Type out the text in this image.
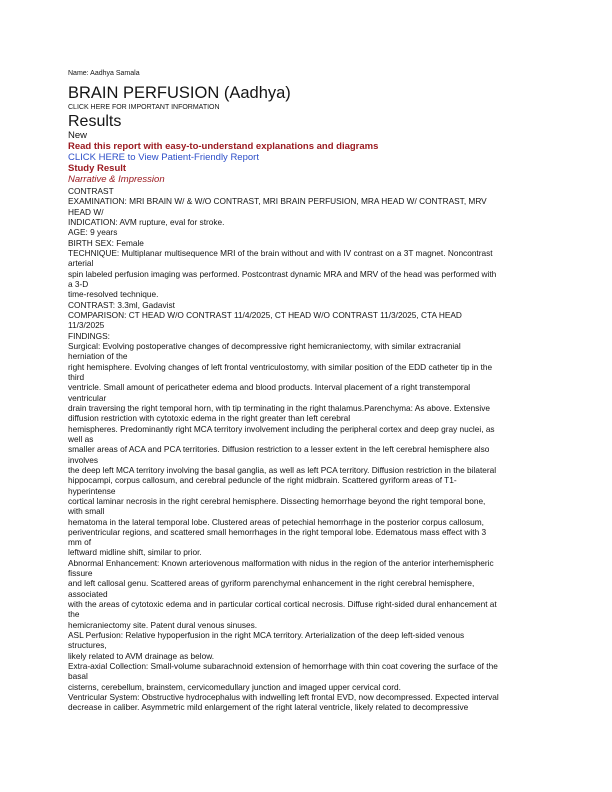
Name: Aadhya Samala
BRAIN PERFUSION (Aadhya)
CLICK HERE FOR IMPORTANT INFORMATION
Results
New
Read this report with easy-to-understand explanations and diagrams
CLICK HERE to View Patient-Friendly Report
Study Result
Narrative & Impression
CONTRAST
EXAMINATION: MRI BRAIN W/ & W/O CONTRAST, MRI BRAIN PERFUSION, MRA HEAD W/ CONTRAST, MRV
HEAD W/
INDICATION: AVM rupture, eval for stroke.
AGE: 9 years
BIRTH SEX: Female
TECHNIQUE: Multiplanar multisequence MRI of the brain without and with IV contrast on a 3T magnet. Noncontrast
arterial
spin labeled perfusion imaging was performed. Postcontrast dynamic MRA and MRV of the head was performed with
a 3-D
time-resolved technique.
CONTRAST: 3.3ml, Gadavist
COMPARISON: CT HEAD W/O CONTRAST 11/4/2025, CT HEAD W/O CONTRAST 11/3/2025, CTA HEAD
11/3/2025
FINDINGS:
Surgical: Evolving postoperative changes of decompressive right hemicraniectomy, with similar extracranial
herniation of the
right hemisphere. Evolving changes of left frontal ventriculostomy, with similar position of the EDD catheter tip in the
third
ventricle. Small amount of pericatheter edema and blood products. Interval placement of a right transtemporal
ventricular
drain traversing the right temporal horn, with tip terminating in the right thalamus.Parenchyma: As above. Extensive
diffusion restriction with cytotoxic edema in the right greater than left cerebral
hemispheres. Predominantly right MCA territory involvement including the peripheral cortex and deep gray nuclei, as
well as
smaller areas of ACA and PCA territories. Diffusion restriction to a lesser extent in the left cerebral hemisphere also
involves
the deep left MCA territory involving the basal ganglia, as well as left PCA territory. Diffusion restriction in the bilateral
hippocampi, corpus callosum, and cerebral peduncle of the right midbrain. Scattered gyriform areas of T1-
hyperintense
cortical laminar necrosis in the right cerebral hemisphere. Dissecting hemorrhage beyond the right temporal bone,
with small
hematoma in the lateral temporal lobe. Clustered areas of petechial hemorrhage in the posterior corpus callosum,
periventricular regions, and scattered small hemorrhages in the right temporal lobe. Edematous mass effect with 3
mm of
leftward midline shift, similar to prior.
Abnormal Enhancement: Known arteriovenous malformation with nidus in the region of the anterior interhemispheric
fissure
and left callosal genu. Scattered areas of gyriform parenchymal enhancement in the right cerebral hemisphere,
associated
with the areas of cytotoxic edema and in particular cortical cortical necrosis. Diffuse right-sided dural enhancement at
the
hemicraniectomy site. Patent dural venous sinuses.
ASL Perfusion: Relative hypoperfusion in the right MCA territory. Arterialization of the deep left-sided venous
structures,
likely related to AVM drainage as below.
Extra-axial Collection: Small-volume subarachnoid extension of hemorrhage with thin coat covering the surface of the
basal
cisterns, cerebellum, brainstem, cervicomedullary junction and imaged upper cervical cord.
Ventricular System: Obstructive hydrocephalus with indwelling left frontal EVD, now decompressed. Expected interval
decrease in caliber. Asymmetric mild enlargement of the right lateral ventricle, likely related to decompressive
